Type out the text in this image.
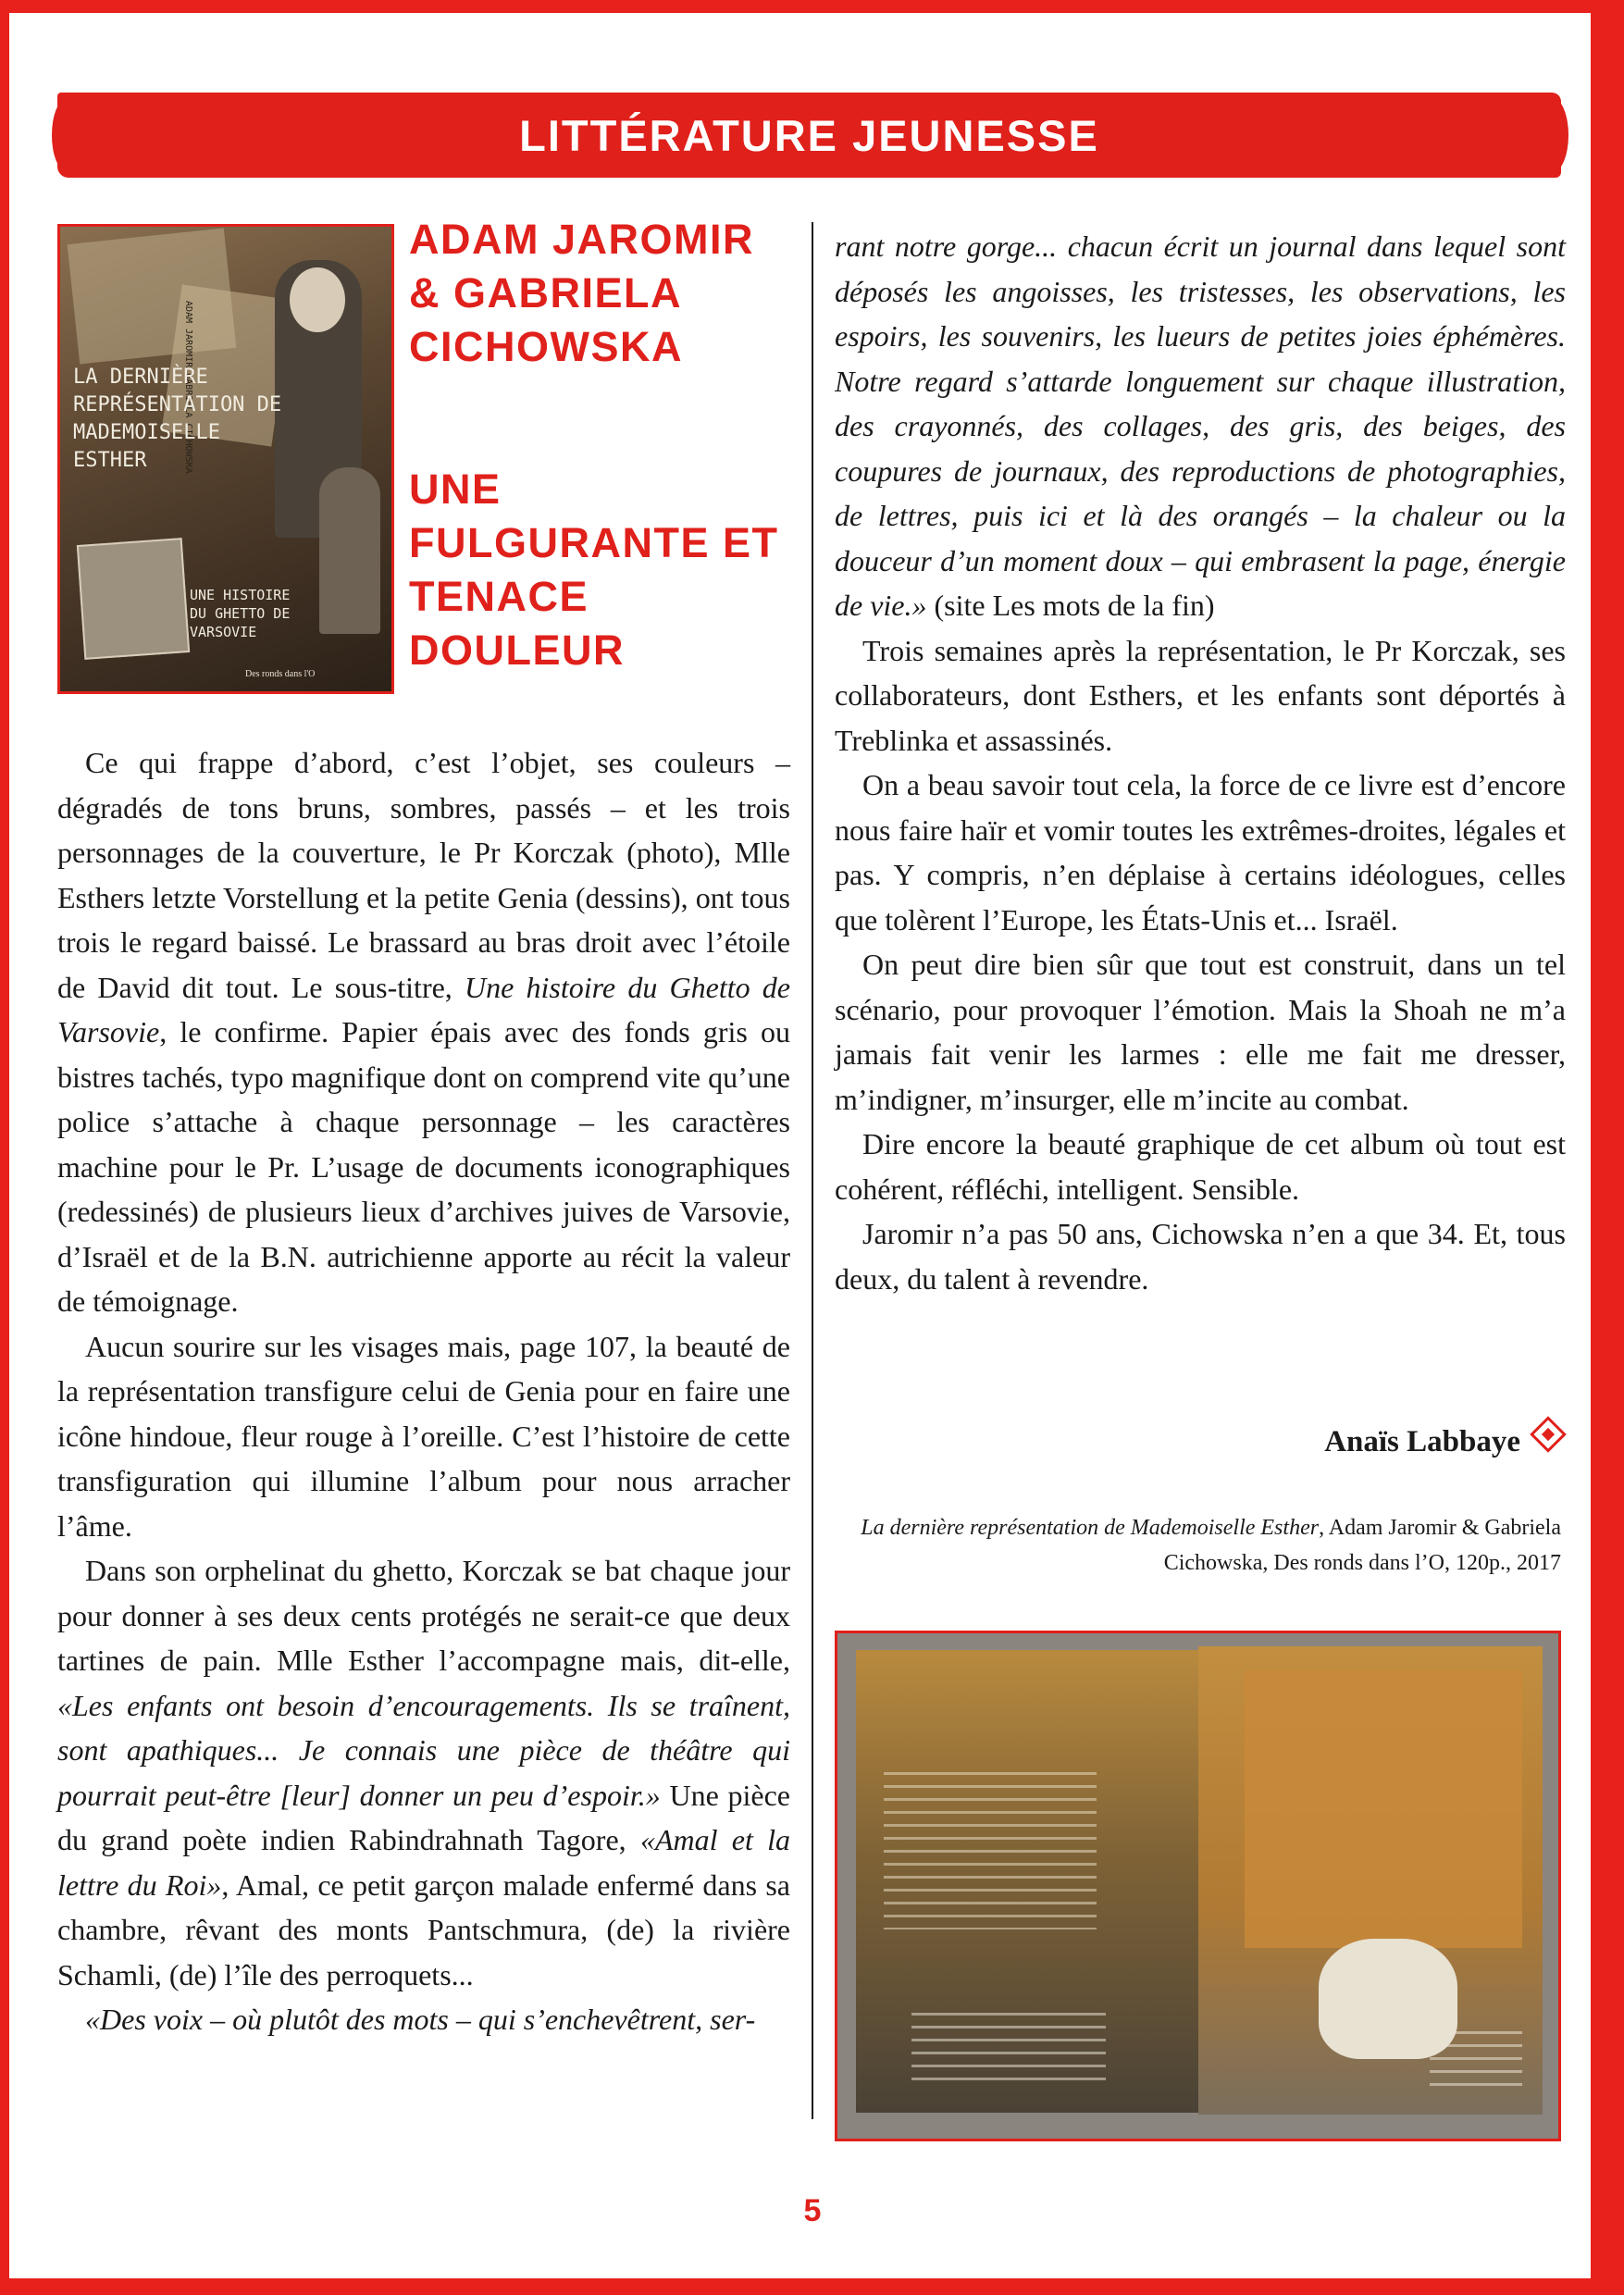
LITTÉRATURE JEUNESSE
ADAM JAROMIR GABRIELA CICHOWSKA
LA DERNIÈRE REPRÉSENTATION DE MADEMOISELLE ESTHER
UNE HISTOIRE DU GHETTO DE VARSOVIE
Des ronds dans l'O
ADAM JAROMIR & GABRIELA CICHOWSKA
UNE FULGURANTE ET TENACE DOULEUR

Ce qui frappe d’abord, c’est l’objet, ses couleurs – dégradés de tons bruns, sombres, passés – et les trois personnages de la couverture, le Pr Korczak (photo), Mlle Esthers letzte Vorstellung et la petite Genia (dessins), ont tous trois le regard baissé. Le brassard au bras droit avec l’étoile de David dit tout. Le sous-titre, Une histoire du Ghetto de Varsovie, le confirme. Papier épais avec des fonds gris ou bistres tachés, typo magnifique dont on comprend vite qu’une police s’attache à chaque personnage – les caractères machine pour le Pr. L’usage de documents iconographiques (redessinés) de plusieurs lieux d’archives juives de Varsovie, d’Israël et de la B.N. autrichienne apporte au récit la valeur de témoignage.

Aucun sourire sur les visages mais, page 107, la beauté de la représentation transfigure celui de Genia pour en faire une icône hindoue, fleur rouge à l’oreille. C’est l’histoire de cette transfiguration qui illumine l’album pour nous arracher l’âme.

Dans son orphelinat du ghetto, Korczak se bat chaque jour pour donner à ses deux cents protégés ne serait-ce que deux tartines de pain. Mlle Esther l’accompagne mais, dit-elle, «Les enfants ont besoin d’encouragements. Ils se traînent, sont apathiques... Je connais une pièce de théâtre qui pourrait peut-être [leur] donner un peu d’espoir.» Une pièce du grand poète indien Rabindrahnath Tagore, «Amal et la lettre du Roi», Amal, ce petit garçon malade enfermé dans sa chambre, rêvant des monts Pantschmura, (de) la rivière Schamli, (de) l’île des perroquets...

«Des voix – où plutôt des mots – qui s’enchevêtrent, ser-

rant notre gorge... chacun écrit un journal dans lequel sont déposés les angoisses, les tristesses, les observations, les espoirs, les souvenirs, les lueurs de petites joies éphémères. Notre regard s’attarde longuement sur chaque illustration, des crayonnés, des collages, des gris, des beiges, des coupures de journaux, des reproductions de photographies, de lettres, puis ici et là des orangés – la chaleur ou la douceur d’un moment doux – qui embrasent la page, énergie de vie.» (site Les mots de la fin)

Trois semaines après la représentation, le Pr Korczak, ses collaborateurs, dont Esthers, et les enfants sont déportés à Treblinka et assassinés.

On a beau savoir tout cela, la force de ce livre est d’encore nous faire haïr et vomir toutes les extrêmes-droites, légales et pas. Y compris, n’en déplaise à certains idéologues, celles que tolèrent l’Europe, les États-Unis et... Israël.

On peut dire bien sûr que tout est construit, dans un tel scénario, pour provoquer l’émotion. Mais la Shoah ne m’a jamais fait venir les larmes : elle me fait me dresser, m’indigner, m’insurger, elle m’incite au combat.

Dire encore la beauté graphique de cet album où tout est cohérent, réfléchi, intelligent. Sensible.

Jaromir n’a pas 50 ans, Cichowska n’en a que 34. Et, tous deux, du talent à revendre.

Anaïs Labbaye
La dernière représentation de Mademoiselle Esther, Adam Jaromir & Gabriela Cichowska, Des ronds dans l’O, 120p., 2017
5
